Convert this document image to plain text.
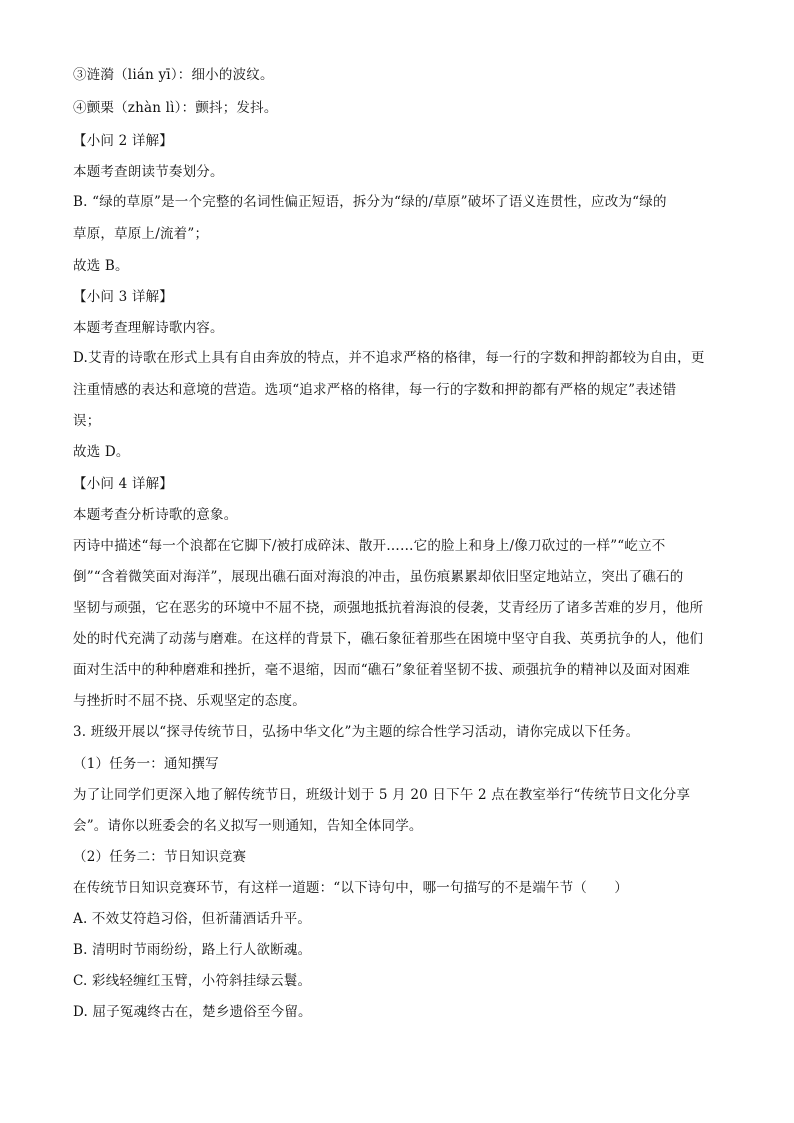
③涟漪（lián yī）：细小的波纹。
④颤栗（zhàn lì）：颤抖；发抖。
【小问 2 详解】
本题考查朗读节奏划分。
B. “绿的草原”是一个完整的名词性偏正短语，拆分为“绿的/草原”破坏了语义连贯性，应改为“绿的
草原，草原上/流着”；
故选 B。
【小问 3 详解】
本题考查理解诗歌内容。
D.艾青的诗歌在形式上具有自由奔放的特点，并不追求严格的格律，每一行的字数和押韵都较为自由，更
注重情感的表达和意境的营造。选项“追求严格的格律，每一行的字数和押韵都有严格的规定”表述错
误；
故选 D。
【小问 4 详解】
本题考查分析诗歌的意象。
丙诗中描述“每一个浪都在它脚下/被打成碎沫、散开……它的脸上和身上/像刀砍过的一样”“屹立不
倒”“含着微笑面对海洋”，展现出礁石面对海浪的冲击，虽伤痕累累却依旧坚定地站立，突出了礁石的
坚韧与顽强，它在恶劣的环境中不屈不挠，顽强地抵抗着海浪的侵袭，艾青经历了诸多苦难的岁月，他所
处的时代充满了动荡与磨难。在这样的背景下，礁石象征着那些在困境中坚守自我、英勇抗争的人，他们
面对生活中的种种磨难和挫折，毫不退缩，因而“礁石”象征着坚韧不拔、顽强抗争的精神以及面对困难
与挫折时不屈不挠、乐观坚定的态度。
3. 班级开展以“探寻传统节日，弘扬中华文化”为主题的综合性学习活动，请你完成以下任务。
（1）任务一：通知撰写
为了让同学们更深入地了解传统节日，班级计划于 5 月 20 日下午 2 点在教室举行“传统节日文化分享
会”。请你以班委会的名义拟写一则通知，告知全体同学。
（2）任务二：节日知识竞赛
在传统节日知识竞赛环节，有这样一道题：“以下诗句中，哪一句描写的不是端午节（　　）
A. 不效艾符趋习俗，但祈蒲酒话升平。
B. 清明时节雨纷纷，路上行人欲断魂。
C. 彩线轻缠红玉臂，小符斜挂绿云鬟。
D. 屈子冤魂终古在，楚乡遗俗至今留。
